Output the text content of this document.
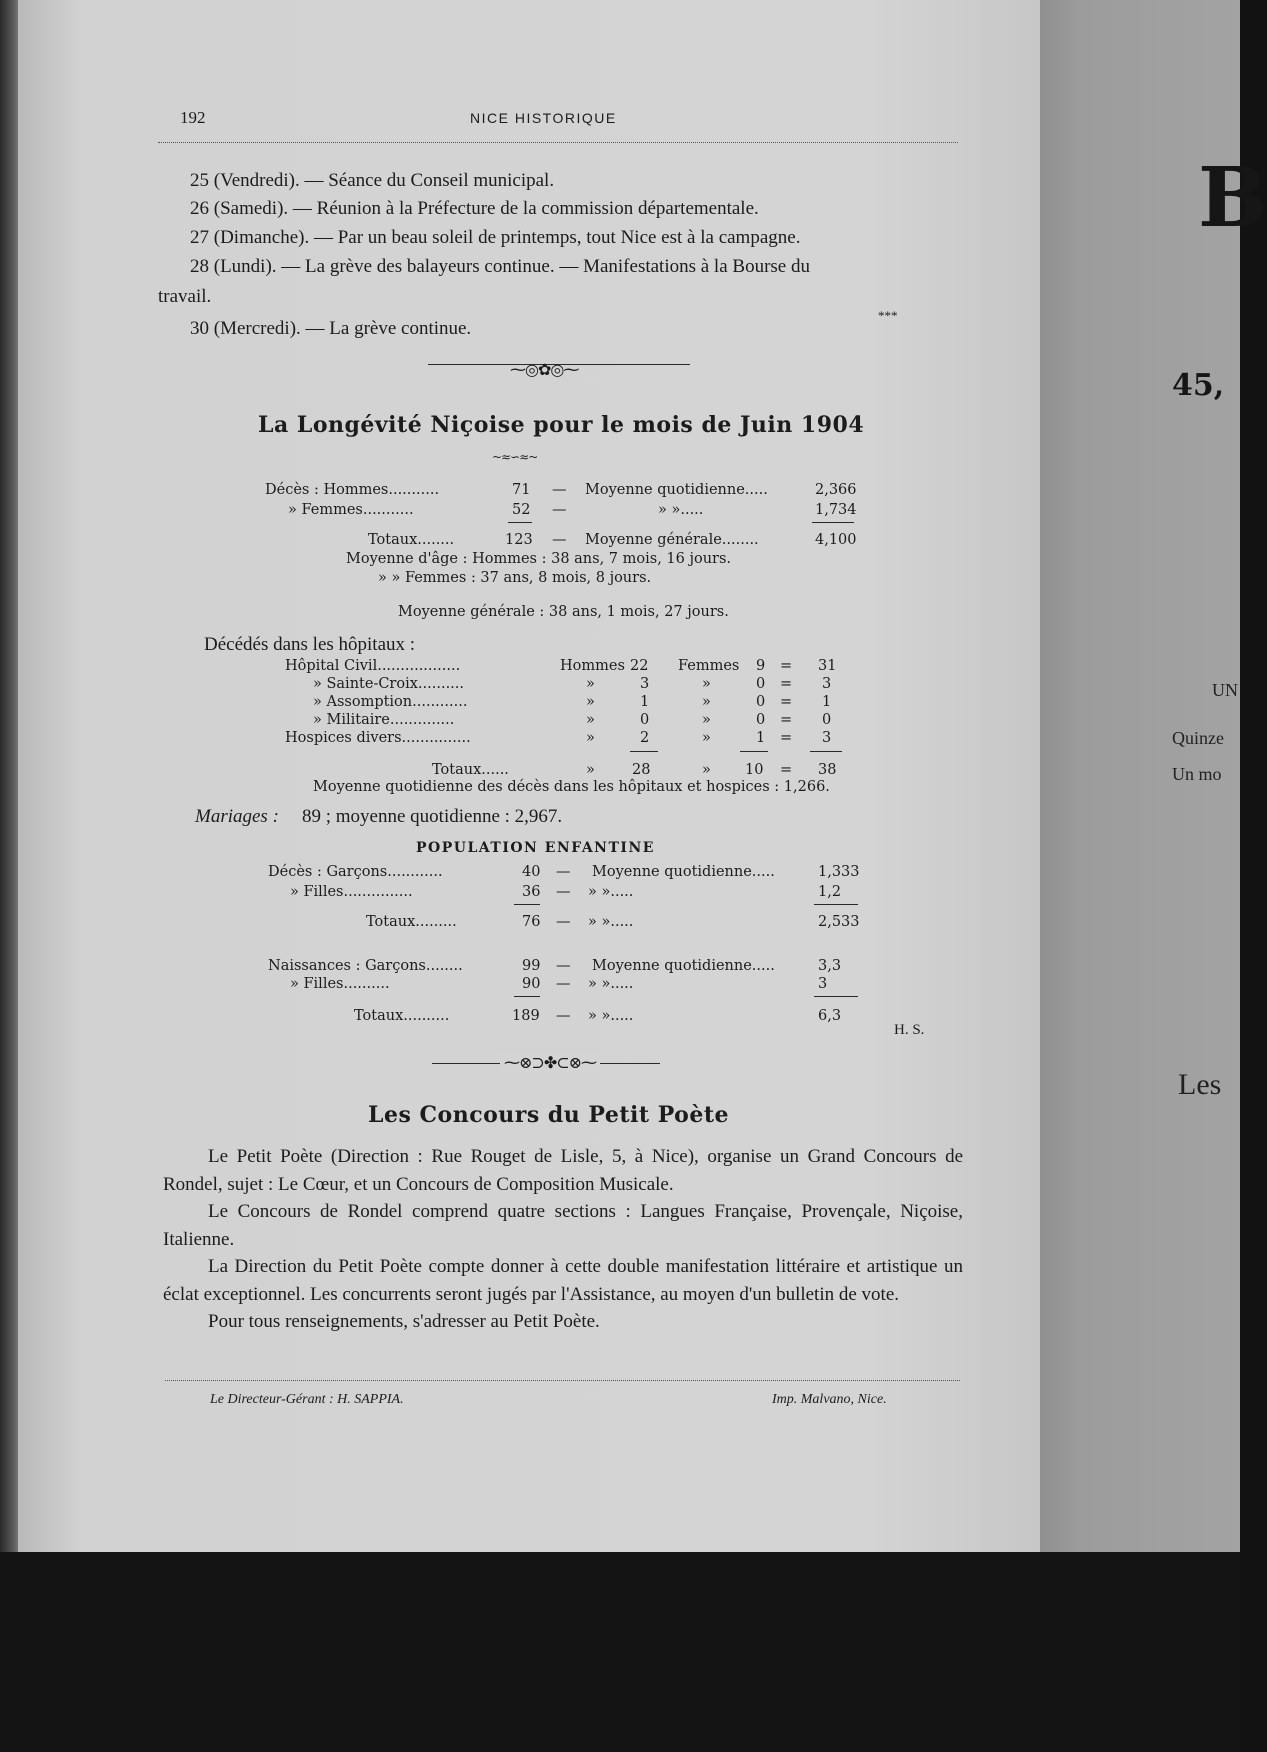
B
45,
UN
Quinze
Un mo
Les
192	NICE HISTORIQUE
25 (Vendredi). — Séance du Conseil municipal.
26 (Samedi). — Réunion à la Préfecture de la commission départementale.
27 (Dimanche). — Par un beau soleil de printemps, tout Nice est à la campagne.
28 (Lundi). — La grève des balayeurs continue. — Manifestations à la Bourse du
travail.
30 (Mercredi). — La grève continue.
***
⁓◎✿◎⁓
La Longévité Niçoise pour le mois de Juin 1904
~≈∽≈~
Décès : Hommes...........	71 — Moyenne quotidienne.....	2,366
» Femmes...........	52 —	» ».....	1,734
Totaux........	123 — Moyenne générale........	4,100
Moyenne d'âge : Hommes : 38 ans, 7 mois, 16 jours.
» » Femmes : 37 ans, 8 mois, 8 jours.
Moyenne générale : 38 ans, 1 mois, 27 jours.
Décédés dans les hôpitaux :
Hôpital Civil..................	Hommes 22 Femmes 9 = 31
» Sainte-Croix..........	»	3	»	0 = 3
» Assomption............	»	1	»	0 = 1
» Militaire..............	»	0	»	0 = 0
Hospices divers...............	»	2	»	1 = 3
Totaux......	»	28	» 10 = 38
Moyenne quotidienne des décès dans les hôpitaux et hospices : 1,266.
Mariages : 89 ; moyenne quotidienne : 2,967.
POPULATION ENFANTINE
Décès : Garçons............	40 — Moyenne quotidienne.....	1,333
» Filles...............	36 — » ».....	1,2
Totaux.........	76 — » ».....	2,533
Naissances : Garçons........	99 — Moyenne quotidienne.....	3,3
» Filles..........	90 — » ».....	3
Totaux..........	189 — » ».....	6,3
H. S.
⁓⊗⊃✤⊂⊗⁓
Les Concours du Petit Poète

Le Petit Poète (Direction : Rue Rouget de Lisle, 5, à Nice), organise un Grand Concours de Rondel, sujet : Le Cœur, et un Concours de Composition Musicale.

Le Concours de Rondel comprend quatre sections : Langues Française, Provençale, Niçoise, Italienne.

La Direction du Petit Poète compte donner à cette double manifestation littéraire et artistique un éclat exceptionnel. Les concurrents seront jugés par l'Assistance, au moyen d'un bulletin de vote.

Pour tous renseignements, s'adresser au Petit Poète.

Le Directeur-Gérant : H. SAPPIA.	Imp. Malvano, Nice.
